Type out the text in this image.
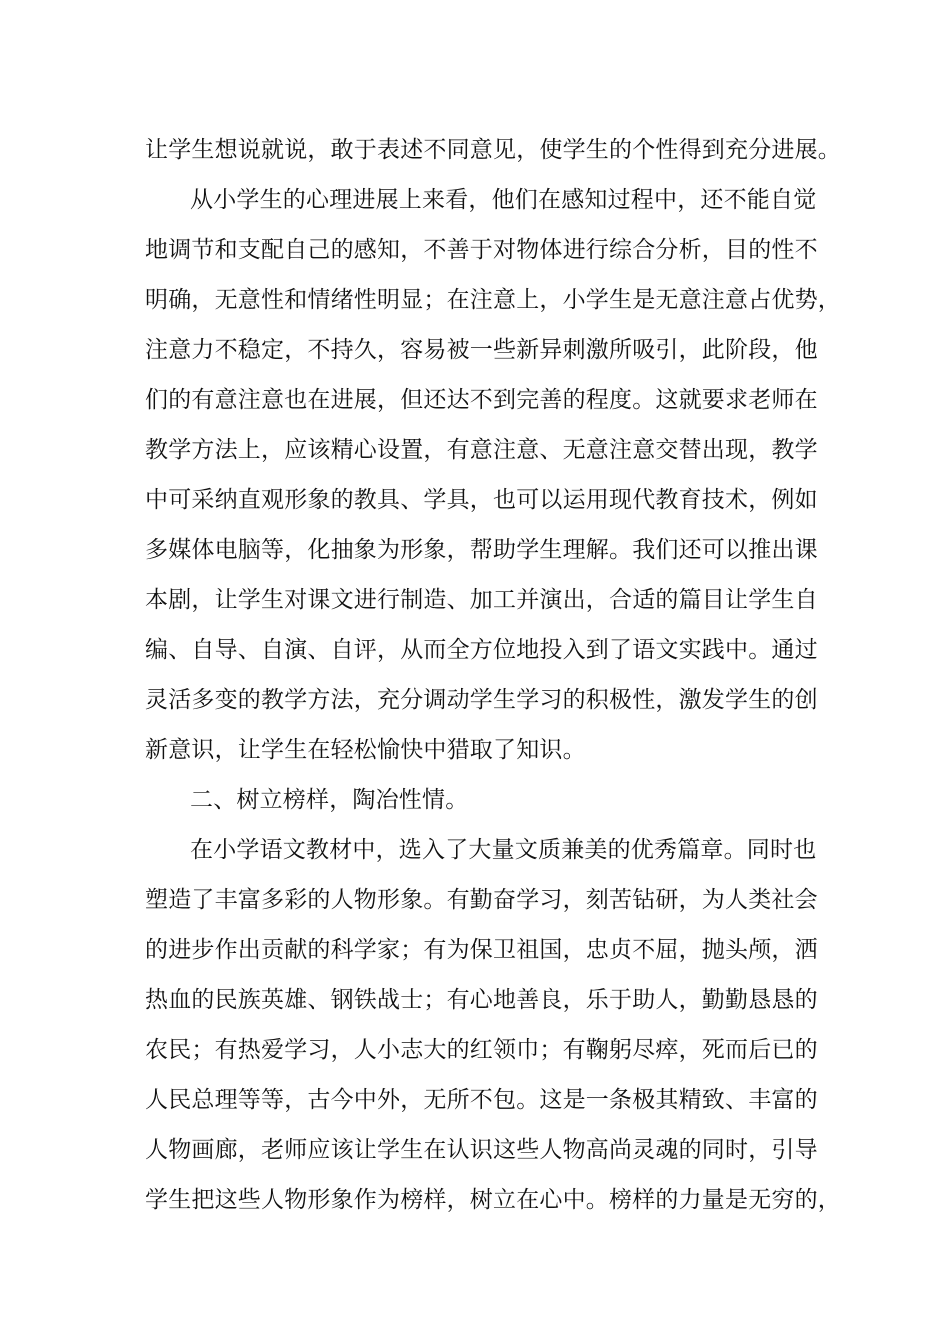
让学生想说就说，敢于表述不同意见，使学生的个性得到充分进展。
从小学生的心理进展上来看，他们在感知过程中，还不能自觉
地调节和支配自己的感知，不善于对物体进行综合分析，目的性不
明确，无意性和情绪性明显；在注意上，小学生是无意注意占优势，
注意力不稳定，不持久，容易被一些新异刺激所吸引，此阶段，他
们的有意注意也在进展，但还达不到完善的程度。这就要求老师在
教学方法上，应该精心设置，有意注意、无意注意交替出现，教学
中可采纳直观形象的教具、学具，也可以运用现代教育技术，例如
多媒体电脑等，化抽象为形象，帮助学生理解。我们还可以推出课
本剧，让学生对课文进行制造、加工并演出，合适的篇目让学生自
编、自导、自演、自评，从而全方位地投入到了语文实践中。通过
灵活多变的教学方法，充分调动学生学习的积极性，激发学生的创
新意识，让学生在轻松愉快中猎取了知识。
二、树立榜样，陶冶性情。
在小学语文教材中，选入了大量文质兼美的优秀篇章。同时也
塑造了丰富多彩的人物形象。有勤奋学习，刻苦钻研，为人类社会
的进步作出贡献的科学家；有为保卫祖国，忠贞不屈，抛头颅，洒
热血的民族英雄、钢铁战士；有心地善良，乐于助人，勤勤恳恳的
农民；有热爱学习，人小志大的红领巾；有鞠躬尽瘁，死而后已的
人民总理等等，古今中外，无所不包。这是一条极其精致、丰富的
人物画廊，老师应该让学生在认识这些人物高尚灵魂的同时，引导
学生把这些人物形象作为榜样，树立在心中。榜样的力量是无穷的，
